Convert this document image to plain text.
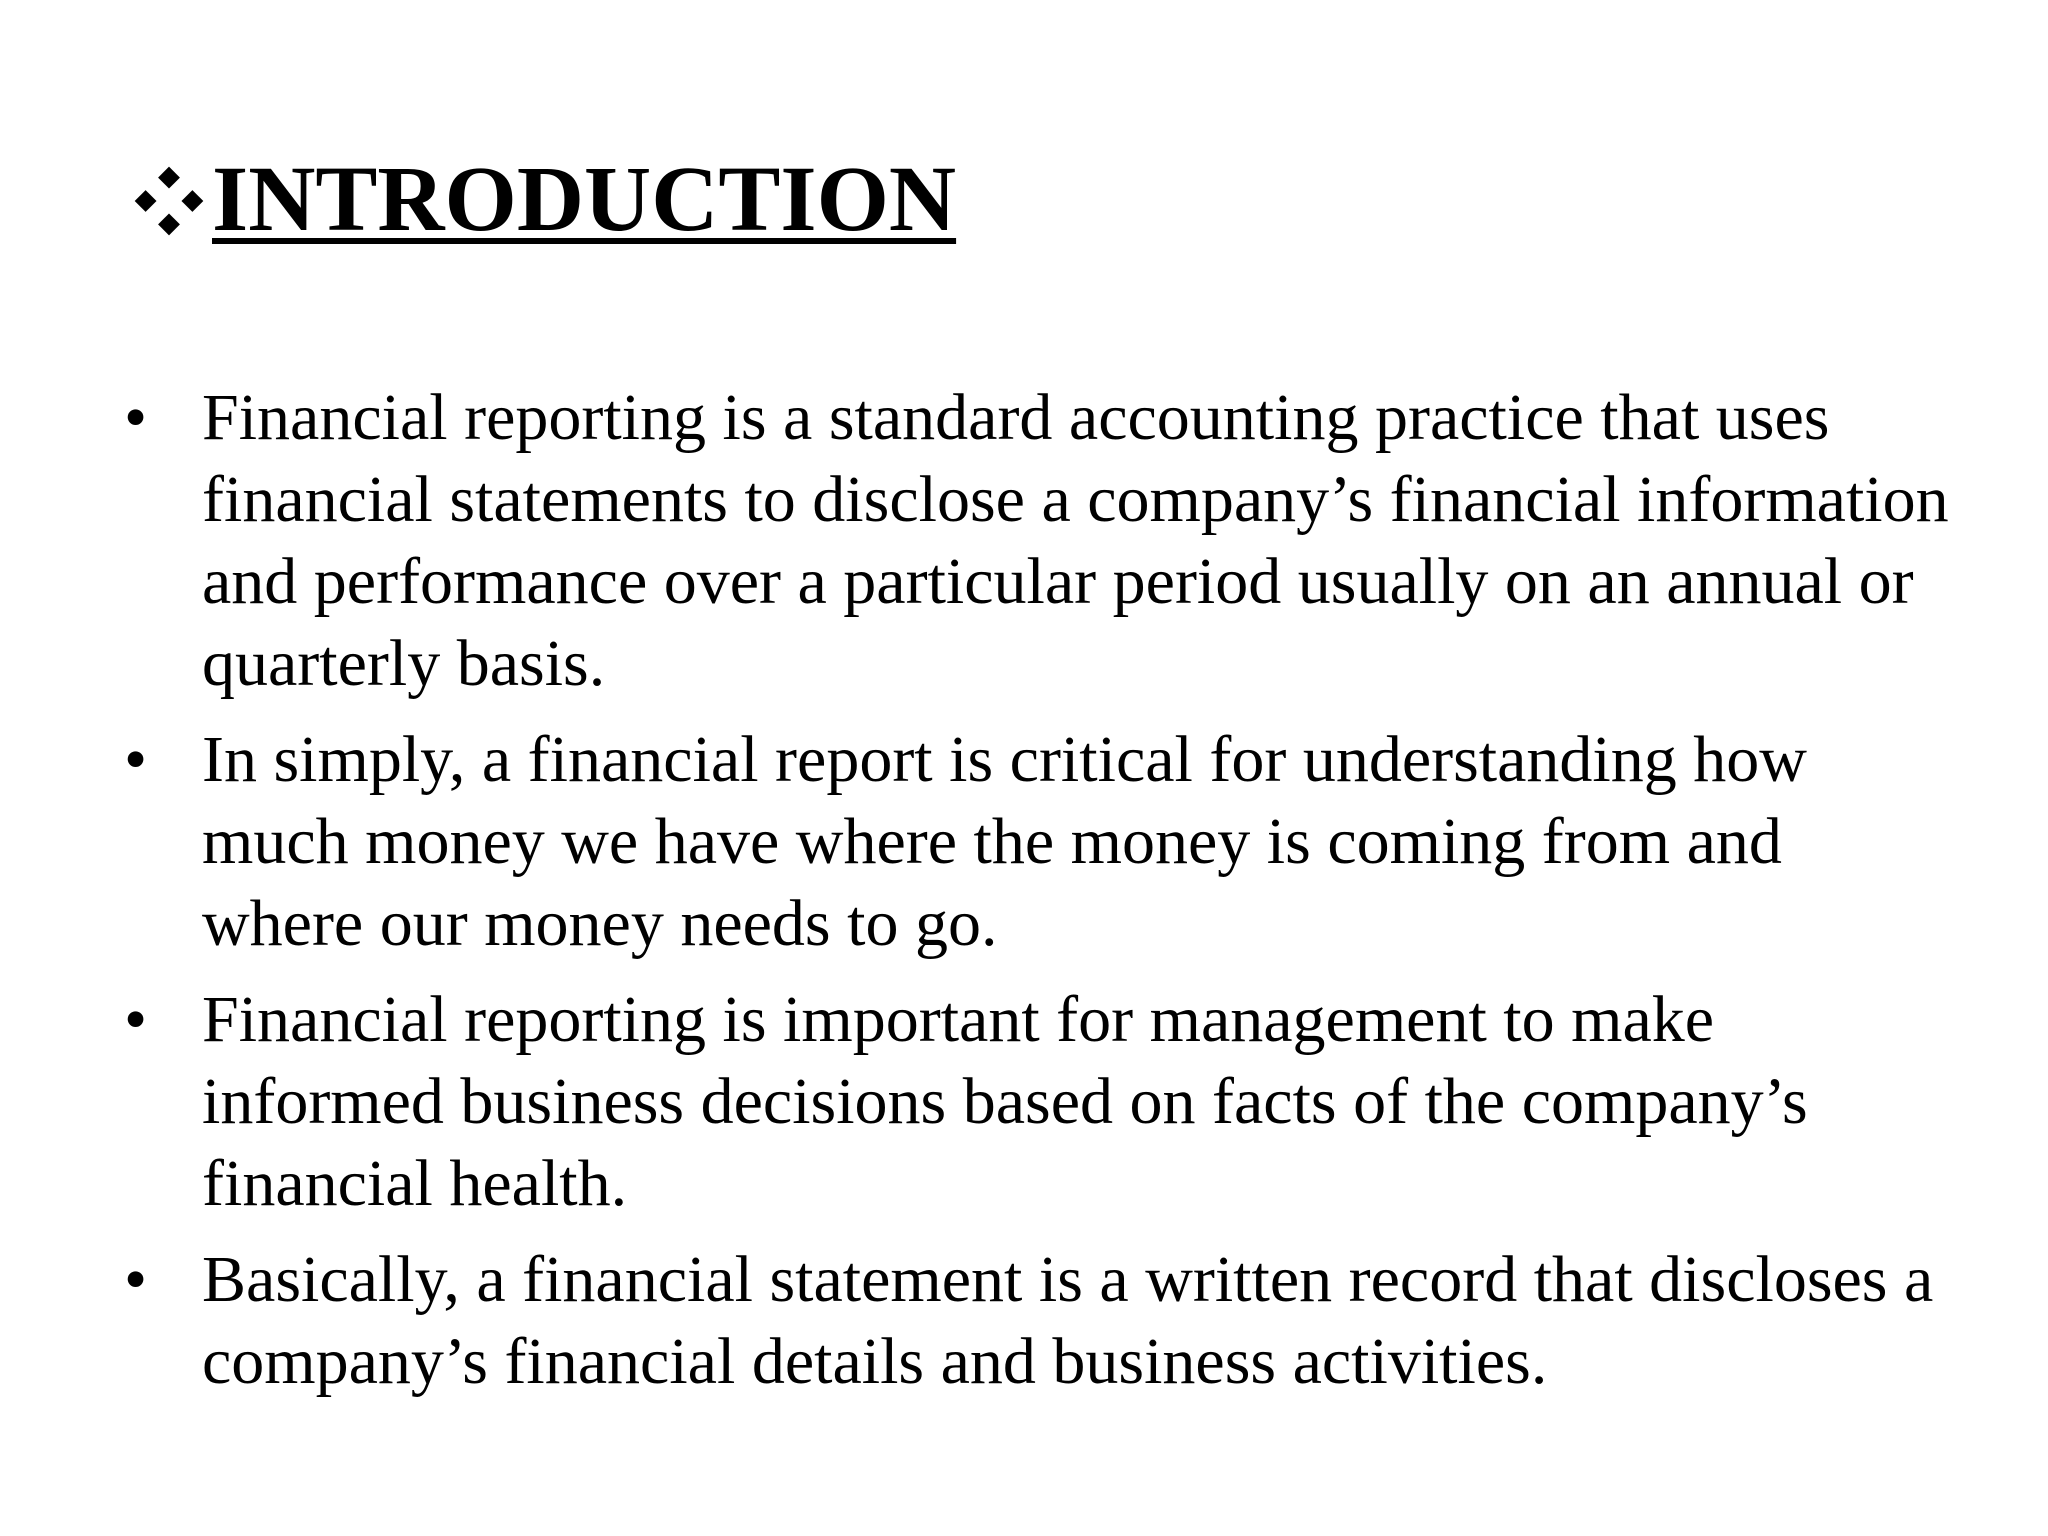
INTRODUCTION
• Financial reporting is a standard accounting practice that uses financial statements to disclose a company’s financial information and performance over a particular period usually on an annual or quarterly basis.
• In simply, a financial report is critical for understanding how much money we have where the money is coming from and where our money needs to go.
• Financial reporting is important for management to make informed business decisions based on facts of the company’s financial health.
• Basically, a financial statement is a written record that discloses a company’s financial details and business activities.
